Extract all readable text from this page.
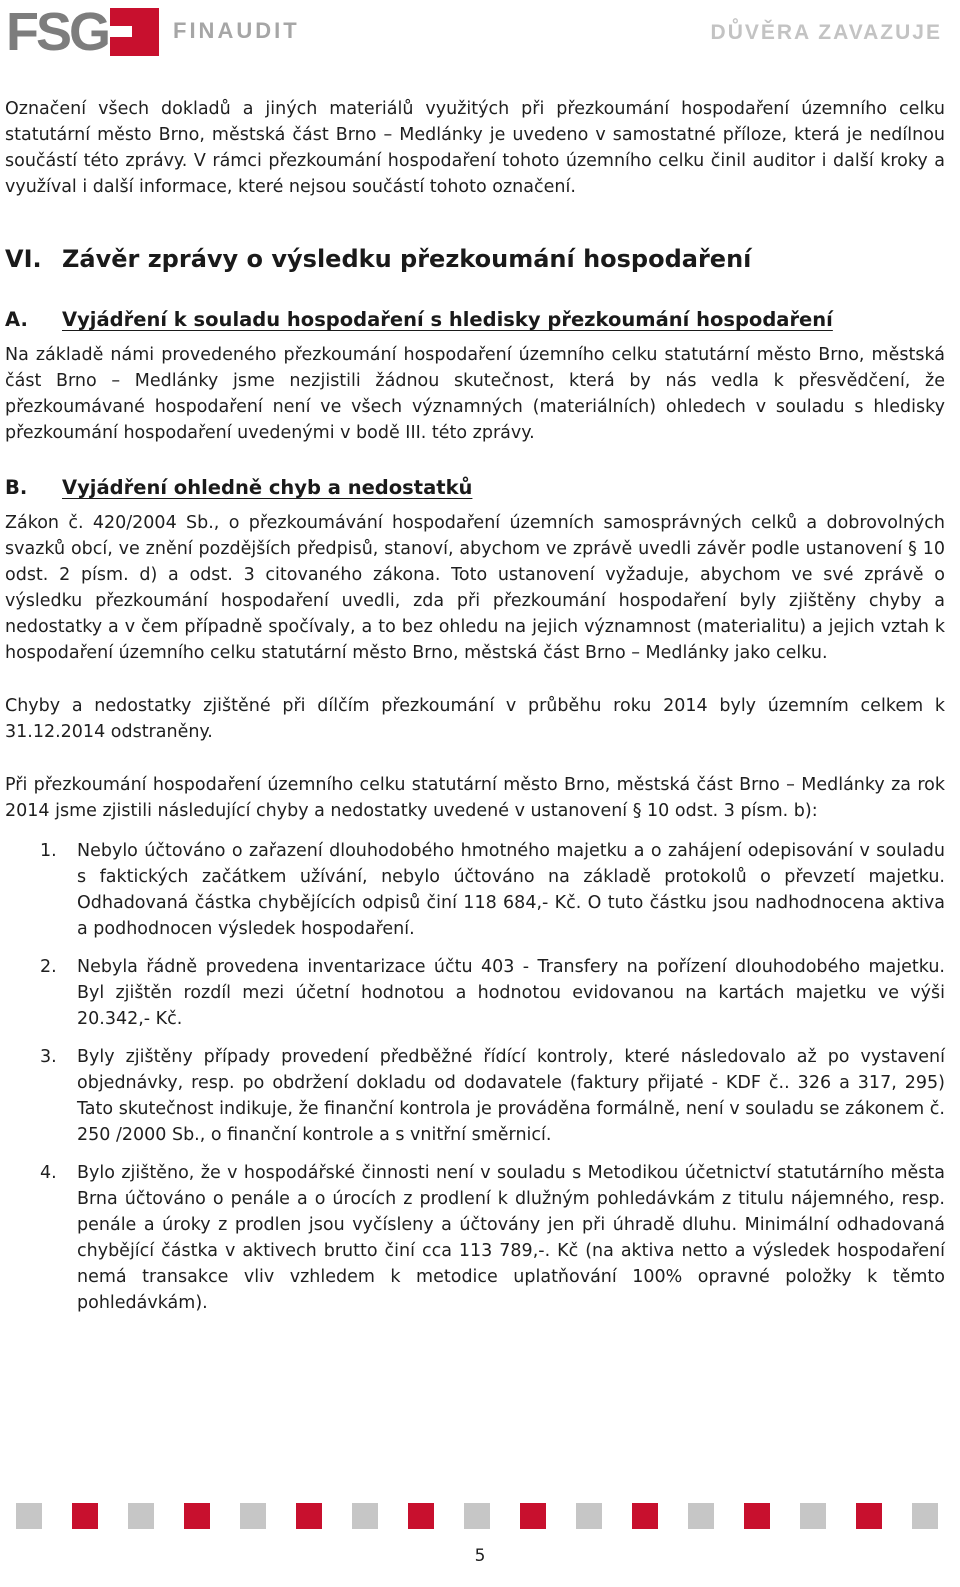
FSG	FINAUDIT	DŮVĚRA ZAVAZUJE

Označení všech dokladů a jiných materiálů využitých při přezkoumání hospodaření územního celku statutární město Brno, městská část Brno – Medlánky je uvedeno v samostatné příloze, která je nedílnou součástí této zprávy. V rámci přezkoumání hospodaření tohoto územního celku činil auditor i další kroky a využíval i další informace, které nejsou součástí tohoto označení.

VI. Závěr zprávy o výsledku přezkoumání hospodaření
A.	Vyjádření k souladu hospodaření s hledisky přezkoumání hospodaření

Na základě námi provedeného přezkoumání hospodaření územního celku statutární město Brno, městská část Brno – Medlánky jsme nezjistili žádnou skutečnost, která by nás vedla k přesvědčení, že přezkoumávané hospodaření není ve všech významných (materiálních) ohledech v souladu s hledisky přezkoumání hospodaření uvedenými v bodě III. této zprávy.

B.	Vyjádření ohledně chyb a nedostatků

Zákon č. 420/2004 Sb., o přezkoumávání hospodaření územních samosprávných celků a dobrovolných svazků obcí, ve znění pozdějších předpisů, stanoví, abychom ve zprávě uvedli závěr podle ustanovení § 10 odst. 2 písm. d) a odst. 3 citovaného zákona. Toto ustanovení vyžaduje, abychom ve své zprávě o výsledku přezkoumání hospodaření uvedli, zda při přezkoumání hospodaření byly zjištěny chyby a nedostatky a v čem případně spočívaly, a to bez ohledu na jejich významnost (materialitu) a jejich vztah k hospodaření územního celku statutární město Brno, městská část Brno – Medlánky jako celku.

Chyby a nedostatky zjištěné při dílčím přezkoumání v průběhu roku 2014 byly územním celkem k 31.12.2014 odstraněny.

Při přezkoumání hospodaření územního celku statutární město Brno, městská část Brno – Medlánky za rok 2014 jsme zjistili následující chyby a nedostatky uvedené v ustanovení § 10 odst. 3 písm. b):

1.	Nebylo účtováno o zařazení dlouhodobého hmotného majetku a o zahájení odepisování v souladu s faktických začátkem užívání, nebylo účtováno na základě protokolů o převzetí majetku. Odhadovaná částka chybějících odpisů činí 118 684,- Kč. O tuto částku jsou nadhodnocena aktiva a podhodnocen výsledek hospodaření.
2.	Nebyla řádně provedena inventarizace účtu 403 - Transfery na pořízení dlouhodobého majetku. Byl zjištěn rozdíl mezi účetní hodnotou a hodnotou evidovanou na kartách majetku ve výši 20.342,- Kč.
3.	Byly zjištěny případy provedení předběžné řídící kontroly, které následovalo až po vystavení objednávky, resp. po obdržení dokladu od dodavatele (faktury přijaté - KDF č.. 326 a 317, 295) Tato skutečnost indikuje, že finanční kontrola je prováděna formálně, není v souladu se zákonem č. 250 /2000 Sb., o finanční kontrole a s vnitřní směrnicí.
4.	Bylo zjištěno, že v hospodářské činnosti není v souladu s Metodikou účetnictví statutárního města Brna účtováno o penále a o úrocích z prodlení k dlužným pohledávkám z titulu nájemného, resp. penále a úroky z prodlen jsou vyčísleny a účtovány jen při úhradě dluhu. Minimální odhadovaná chybějící částka v aktivech brutto činí cca 113 789,-. Kč (na aktiva netto a výsledek hospodaření nemá transakce vliv vzhledem k metodice uplatňování 100% opravné položky k těmto pohledávkám).
5
